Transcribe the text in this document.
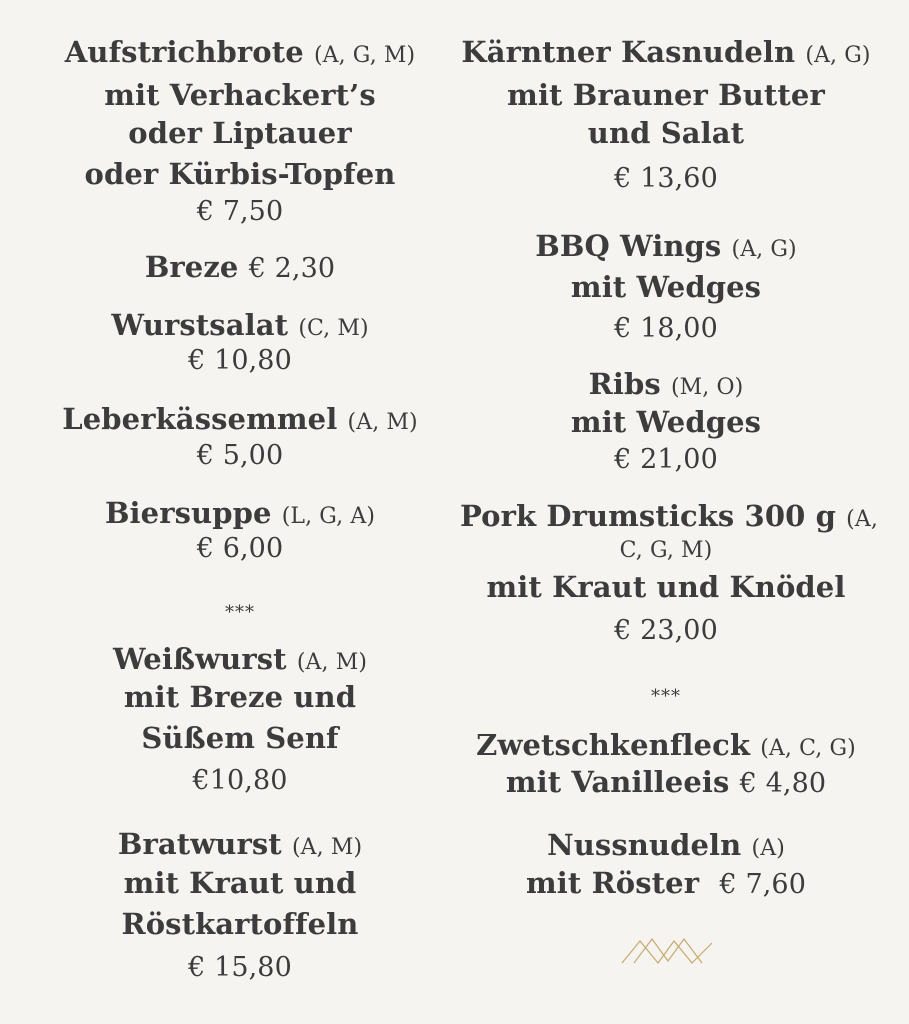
Aufstrichbrote (A, G, M)
mit Verhackert’s
oder Liptauer
oder Kürbis-Topfen
€ 7,50
Breze € 2,30
Wurstsalat (C, M)
€ 10,80
Leberkässemmel (A, M)
€ 5,00
Biersuppe (L, G, A)
€ 6,00
***
Weißwurst (A, M)
mit Breze und
Süßem Senf
€10,80
Bratwurst (A, M)
mit Kraut und
Röstkartoffeln
€ 15,80
Kärntner Kasnudeln (A, G)
mit Brauner Butter
und Salat
€ 13,60
BBQ Wings (A, G)
mit Wedges
€ 18,00
Ribs (M, O)
mit Wedges
€ 21,00
Pork Drumsticks 300 g (A,
C, G, M)
mit Kraut und Knödel
€ 23,00
***
Zwetschkenfleck (A, C, G)
mit Vanilleeis € 4,80
Nussnudeln (A)
mit Röster € 7,60
